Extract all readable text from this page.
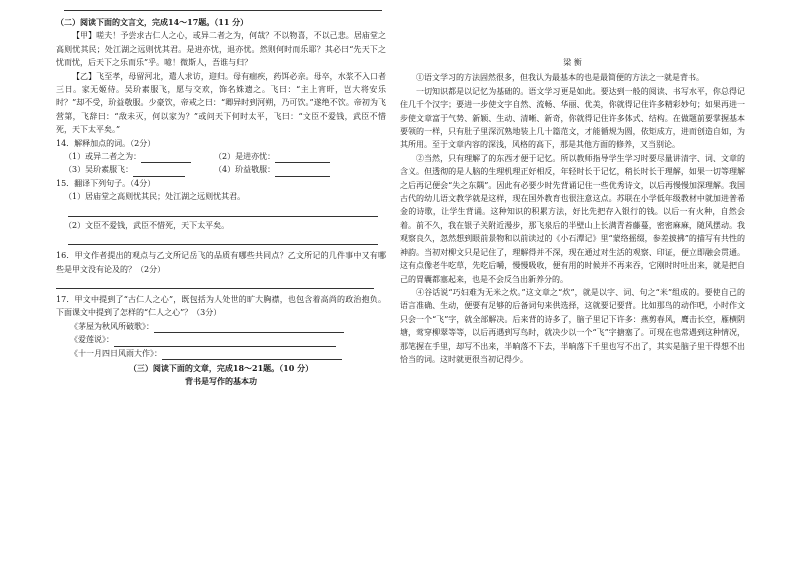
（二）阅读下面的文言文，完成14～17题。（11 分）

【甲】嗟夫！予尝求古仁人之心，或异二者之为，何哉？不以物喜，不以己悲。居庙堂之高则忧其民；处江湖之远则忧其君。是进亦忧，退亦忧。然则何时而乐耶？其必曰“先天下之忧而忧，后天下之乐而乐”乎。噫！微斯人，吾谁与归？

【乙】飞至孝，母留河北，遣人求访，迎归。母有痼疾，药饵必亲。母卒，水浆不入口者三日。家无姬侍。吴玠素服飞，愿与交欢，饰名姝遗之。飞曰：“主上宵旰，岂大将安乐时？”却不受，玠益敬服。少豪饮，帝戒之曰：“卿异时到河朔，乃可饮。”遂绝不饮。帝初为飞营第，飞辞曰：“敌未灭，何以家为？”或问天下何时太平，飞曰：“文臣不爱钱，武臣不惜死，天下太平矣。”

14．解释加点的词。（2分）

（1）或异二者之为：	（2）是进亦忧：
（3）吴玠素服飞：	（4）玠益敬服：

15．翻译下列句子。（4分）

（1）居庙堂之高则忧其民；处江湖之远则忧其君。

（2）文臣不爱钱，武臣不惜死，天下太平矣。

16．甲文作者提出的观点与乙文所记岳飞的品质有哪些共同点？乙文所记的几件事中又有哪些是甲文没有论及的？（2分）

17．甲文中提到了“古仁人之心”，既包括为人处世的旷大胸襟，也包含着高尚的政治抱负。下面课文中提到了怎样的“仁人之心”？（3分）

《茅屋为秋风所破歌》：
《爱莲说》：
《十一月四日风雨大作》：

（三）阅读下面的文章，完成18～21题。（10 分）

背书是写作的基本功

梁 衡

①语文学习的方法固然很多，但我认为最基本的也是最简便的方法之一就是背书。

一切知识都是以记忆为基础的。语文学习更是如此。要达到一般的阅读、书写水平，你总得记住几千个汉字；要进一步使文字自然、流畅、华丽、优美，你就得记住许多精彩妙句；如果再进一步使文章富于气势、新颖、生动、清晰、新奇，你就得记住许多体式、结构。在做题前要掌握基本要领的一样，只有肚子里深沉熟地装上几十篇范文，才能循规为圆，依矩成方，进而创造自如，为其所用。至于文章内容的深浅，风格的高下，那是其他方面的修养，又当别论。

②当然，只有理解了的东西才便于记忆。所以教师指导学生学习时要尽量讲清字、词、文章的含义。但透彻的是人脑的生理机理正好相反，年轻时长于记忆，稍长时长于理解，如果一切等理解之后再记便会“失之东隅”。因此有必要少时先背诵记住一些优秀诗文，以后再慢慢加深理解。我国古代的幼儿语文教学就是这样，现在国外教育也很注意这点。苏联在小学低年级教材中就加进普希金的诗歌，让学生背诵。这种知识的积累方法，好比先把存入银行的钱。以后一有火种，自然会着。前不久，我在银子关附近漫步，那飞泉后的半壁山上长满青苔藤蔓，密密麻麻，随风摆动。我观察良久，忽然想到眼前景物和以前读过的《小石潭记》里“蒙络摇缀，参差披拂”的描写有共性的神韵。当初对柳文只是记住了，理解得并不深，现在通过对生活的观察、印证，便立即融会贯通。这有点像老牛吃草，先吃后嚼，慢慢吸收，便有用的时候并不再来吞，它刚时时吐出来，就是把自己的胃囊都塞起来，也是不会反刍出新养分的。

④谷话说“巧妇难为无米之炊。”这文章之“炊”，就是以字、词、句之“米”组成的。要使自己的语言准确、生动，便要有足够的后备词句来供选择，这就要记要背。比如那鸟的动作吧，小时作文只会一个“飞”字，就全部解决。后来背的诗多了，脑子里记下许多：燕剪春风，鹰击长空，雁横阴塘，莺穿柳翠等等，以后再遇到写鸟时，就决少以一个“飞”字搪塞了。可现在也常遇到这种情况，那笔握在手里，却写不出来，半晌落不下去，半晌落下千里也写不出了，其实是脑子里干得想不出恰当的词。这时就更很当初记得少。
